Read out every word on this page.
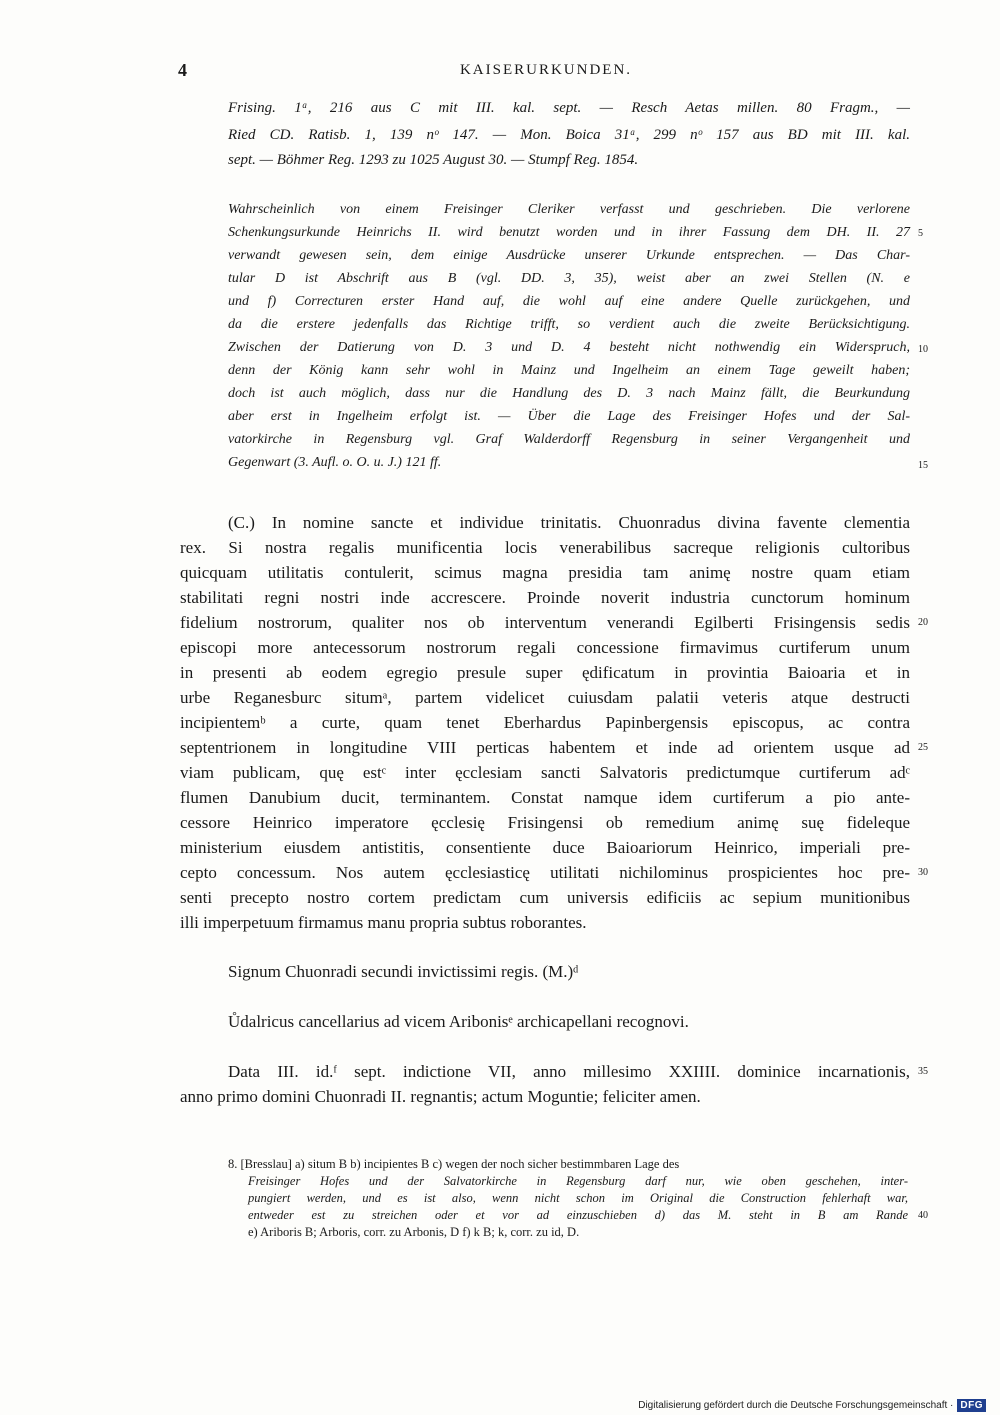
4	KAISERURKUNDEN.
Frising. 1ᵃ, 216 aus C mit III. kal. sept. — Resch Aetas millen. 80 Fragm., —
Ried CD. Ratisb. 1, 139 nᵒ 147. — Mon. Boica 31ᵃ, 299 nᵒ 157 aus BD mit III. kal.
sept. — Böhmer Reg. 1293 zu 1025 August 30. — Stumpf Reg. 1854.
Wahrscheinlich von einem Freisinger Cleriker verfasst und geschrieben. Die verlorene
Schenkungsurkunde Heinrichs II. wird benutzt worden und in ihrer Fassung dem DH. II. 27
verwandt gewesen sein, dem einige Ausdrücke unserer Urkunde entsprechen. — Das Char-
tular D ist Abschrift aus B (vgl. DD. 3, 35), weist aber an zwei Stellen (N. e
und f) Correcturen erster Hand auf, die wohl auf eine andere Quelle zurückgehen, und
da die erstere jedenfalls das Richtige trifft, so verdient auch die zweite Berücksichtigung.
Zwischen der Datierung von D. 3 und D. 4 besteht nicht nothwendig ein Widerspruch,
denn der König kann sehr wohl in Mainz und Ingelheim an einem Tage geweilt haben;
doch ist auch möglich, dass nur die Handlung des D. 3 nach Mainz fällt, die Beurkundung
aber erst in Ingelheim erfolgt ist. — Über die Lage des Freisinger Hofes und der Sal-
vatorkirche in Regensburg vgl. Graf Walderdorff Regensburg in seiner Vergangenheit und
Gegenwart (3. Aufl. o. O. u. J.) 121 ff.
(C.) In nomine sancte et individue trinitatis. Chuonradus divina favente clementia
rex. Si nostra regalis munificentia locis venerabilibus sacreque religionis cultoribus
quicquam utilitatis contulerit, scimus magna presidia tam animę nostre quam etiam
stabilitati regni nostri inde accrescere. Proinde noverit industria cunctorum hominum
fidelium nostrorum, qualiter nos ob interventum venerandi Egilberti Frisingensis sedis
episcopi more antecessorum nostrorum regali concessione firmavimus curtiferum unum
in presenti ab eodem egregio presule super ędificatum in provintia Baioaria et in
urbe Reganesburc situmᵃ, partem videlicet cuiusdam palatii veteris atque destructi
incipientemᵇ a curte, quam tenet Eberhardus Papinbergensis episcopus, ac contra
septentrionem in longitudine VIII perticas habentem et inde ad orientem usque ad
viam publicam, quę estᶜ inter ęcclesiam sancti Salvatoris predictumque curtiferum adᶜ
flumen Danubium ducit, terminantem. Constat namque idem curtiferum a pio ante-
cessore Heinrico imperatore ęcclesię Frisingensi ob remedium animę suę fideleque
ministerium eiusdem antistitis, consentiente duce Baioariorum Heinrico, imperiali pre-
cepto concessum. Nos autem ęcclesiasticę utilitati nichilominus prospicientes hoc pre-
senti precepto nostro cortem predictam cum universis edificiis ac sepium munitionibus
illi imperpetuum firmamus manu propria subtus roborantes.
Signum Chuonradi secundi invictissimi regis. (M.)ᵈ
Ůdalricus cancellarius ad vicem Aribonisᵉ archicapellani recognovi.
Data III. id.ᶠ sept. indictione VII, anno millesimo XXIIII. dominice incarnationis,
anno primo domini Chuonradi II. regnantis; actum Moguntie; feliciter amen.
8. [Bresslau] a) situm B b) incipientes B c) wegen der noch sicher bestimmbaren Lage des
Freisinger Hofes und der Salvatorkirche in Regensburg darf nur, wie oben geschehen, inter-
pungiert werden, und es ist also, wenn nicht schon im Original die Construction fehlerhaft war,
entweder est zu streichen oder et vor ad einzuschieben d) das M. steht in B am Rande
e) Ariboris B; Arboris, corr. zu Arbonis, D f) k B; k, corr. zu id, D.
5
10
15
20
25
30
35
40
Digitalisierung gefördert durch die Deutsche Forschungsgemeinschaft · DFG
